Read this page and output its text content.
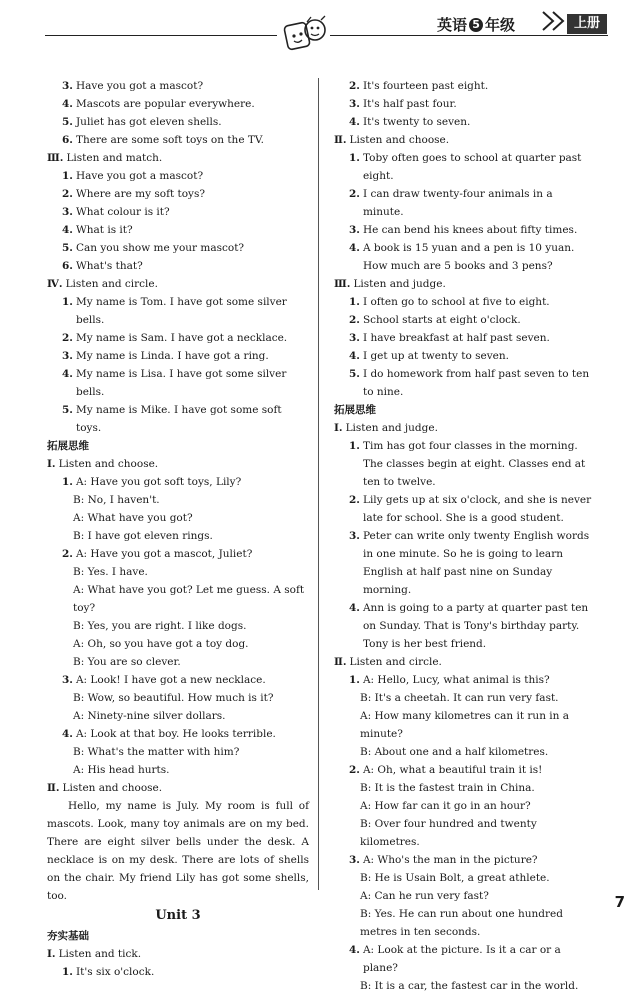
英语 5 年级	上册
3. Have you got a mascot?
4. Mascots are popular everywhere.
5. Juliet has got eleven shells.
6. There are some soft toys on the TV.
Ⅲ. Listen and match.
1. Have you got a mascot?
2. Where are my soft toys?
3. What colour is it?
4. What is it?
5. Can you show me your mascot?
6. What's that?
Ⅳ. Listen and circle.
1. My name is Tom. I have got some silver bells.
2. My name is Sam. I have got a necklace.
3. My name is Linda. I have got a ring.
4. My name is Lisa. I have got some silver bells.
5. My name is Mike. I have got some soft toys.
拓展思维
Ⅰ. Listen and choose.
1. A: Have you got soft toys, Lily?
B: No, I haven't.
A: What have you got?
B: I have got eleven rings.
2. A: Have you got a mascot, Juliet?
B: Yes. I have.
A: What have you got? Let me guess. A soft toy?
B: Yes, you are right. I like dogs.
A: Oh, so you have got a toy dog.
B: You are so clever.
3. A: Look! I have got a new necklace.
B: Wow, so beautiful. How much is it?
A: Ninety-nine silver dollars.
4. A: Look at that boy. He looks terrible.
B: What's the matter with him?
A: His head hurts.
Ⅱ. Listen and choose.
Hello, my name is July. My room is full of mascots. Look, many toy animals are on my bed. There are eight silver bells under the desk. A necklace is on my desk. There are lots of shells on the chair. My friend Lily has got some shells, too.
Unit 3
夯实基础
Ⅰ. Listen and tick.
1. It's six o'clock.
2. It's fourteen past eight.
3. It's half past four.
4. It's twenty to seven.
Ⅱ. Listen and choose.
1. Toby often goes to school at quarter past eight.
2. I can draw twenty-four animals in a minute.
3. He can bend his knees about fifty times.
4. A book is 15 yuan and a pen is 10 yuan. How much are 5 books and 3 pens?
Ⅲ. Listen and judge.
1. I often go to school at five to eight.
2. School starts at eight o'clock.
3. I have breakfast at half past seven.
4. I get up at twenty to seven.
5. I do homework from half past seven to ten to nine.
拓展思维
Ⅰ. Listen and judge.
1. Tim has got four classes in the morning. The classes begin at eight. Classes end at ten to twelve.
2. Lily gets up at six o'clock, and she is never late for school. She is a good student.
3. Peter can write only twenty English words in one minute. So he is going to learn English at half past nine on Sunday morning.
4. Ann is going to a party at quarter past ten on Sunday. That is Tony's birthday party. Tony is her best friend.
Ⅱ. Listen and circle.
1. A: Hello, Lucy, what animal is this?
B: It's a cheetah. It can run very fast.
A: How many kilometres can it run in a minute?
B: About one and a half kilometres.
2. A: Oh, what a beautiful train it is!
B: It is the fastest train in China.
A: How far can it go in an hour?
B: Over four hundred and twenty kilometres.
3. A: Who's the man in the picture?
B: He is Usain Bolt, a great athlete.
A: Can he run very fast?
B: Yes. He can run about one hundred metres in ten seconds.
4. A: Look at the picture. Is it a car or a plane?
B: It is a car, the fastest car in the world.
7
